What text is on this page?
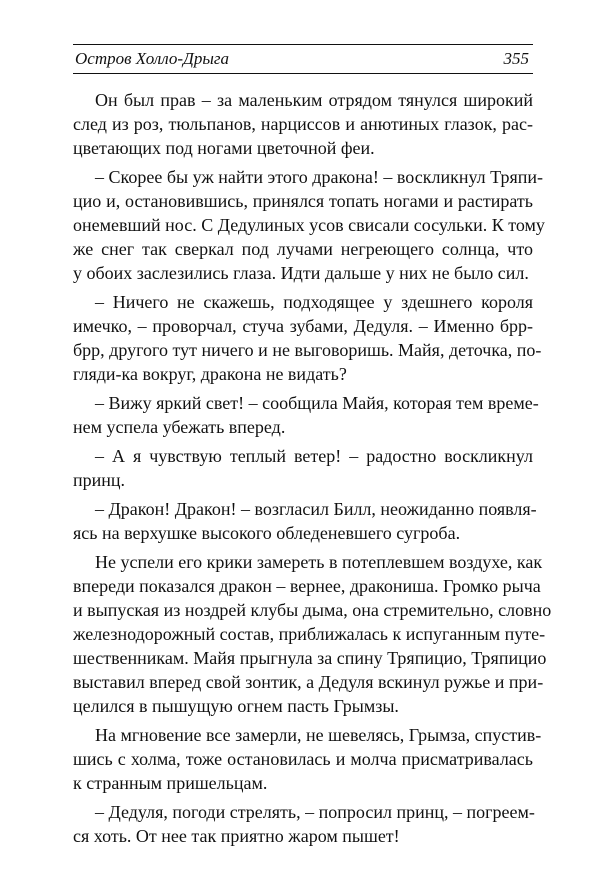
Остров Холло-Дрыга	355
Он был прав – за маленьким отрядом тянулся широкий
след из роз, тюльпанов, нарциссов и анютиных глазок, рас-
цветающих под ногами цветочной феи.
– Скорее бы уж найти этого дракона! – воскликнул Тряпи-
цио и, остановившись, принялся топать ногами и растирать
онемевший нос. С Дедулиных усов свисали сосульки. К тому
же снег так сверкал под лучами негреющего солнца, что
у обоих заслезились глаза. Идти дальше у них не было сил.
– Ничего не скажешь, подходящее у здешнего короля
имечко, – проворчал, стуча зубами, Дедуля. – Именно брр-
брр, другого тут ничего и не выговоришь. Майя, деточка, по-
гляди-ка вокруг, дракона не видать?
– Вижу яркий свет! – сообщила Майя, которая тем време-
нем успела убежать вперед.
– А я чувствую теплый ветер! – радостно воскликнул
принц.
– Дракон! Дракон! – возгласил Билл, неожиданно появля-
ясь на верхушке высокого обледеневшего сугроба.
Не успели его крики замереть в потеплевшем воздухе, как
впереди показался дракон – вернее, дракониша. Громко рыча
и выпуская из ноздрей клубы дыма, она стремительно, словно
железнодорожный состав, приближалась к испуганным путе-
шественникам. Майя прыгнула за спину Тряпицио, Тряпицио
выставил вперед свой зонтик, а Дедуля вскинул ружье и при-
целился в пышущую огнем пасть Грымзы.
На мгновение все замерли, не шевелясь, Грымза, спустив-
шись с холма, тоже остановилась и молча присматривалась
к странным пришельцам.
– Дедуля, погоди стрелять, – попросил принц, – погреем-
ся хоть. От нее так приятно жаром пышет!
